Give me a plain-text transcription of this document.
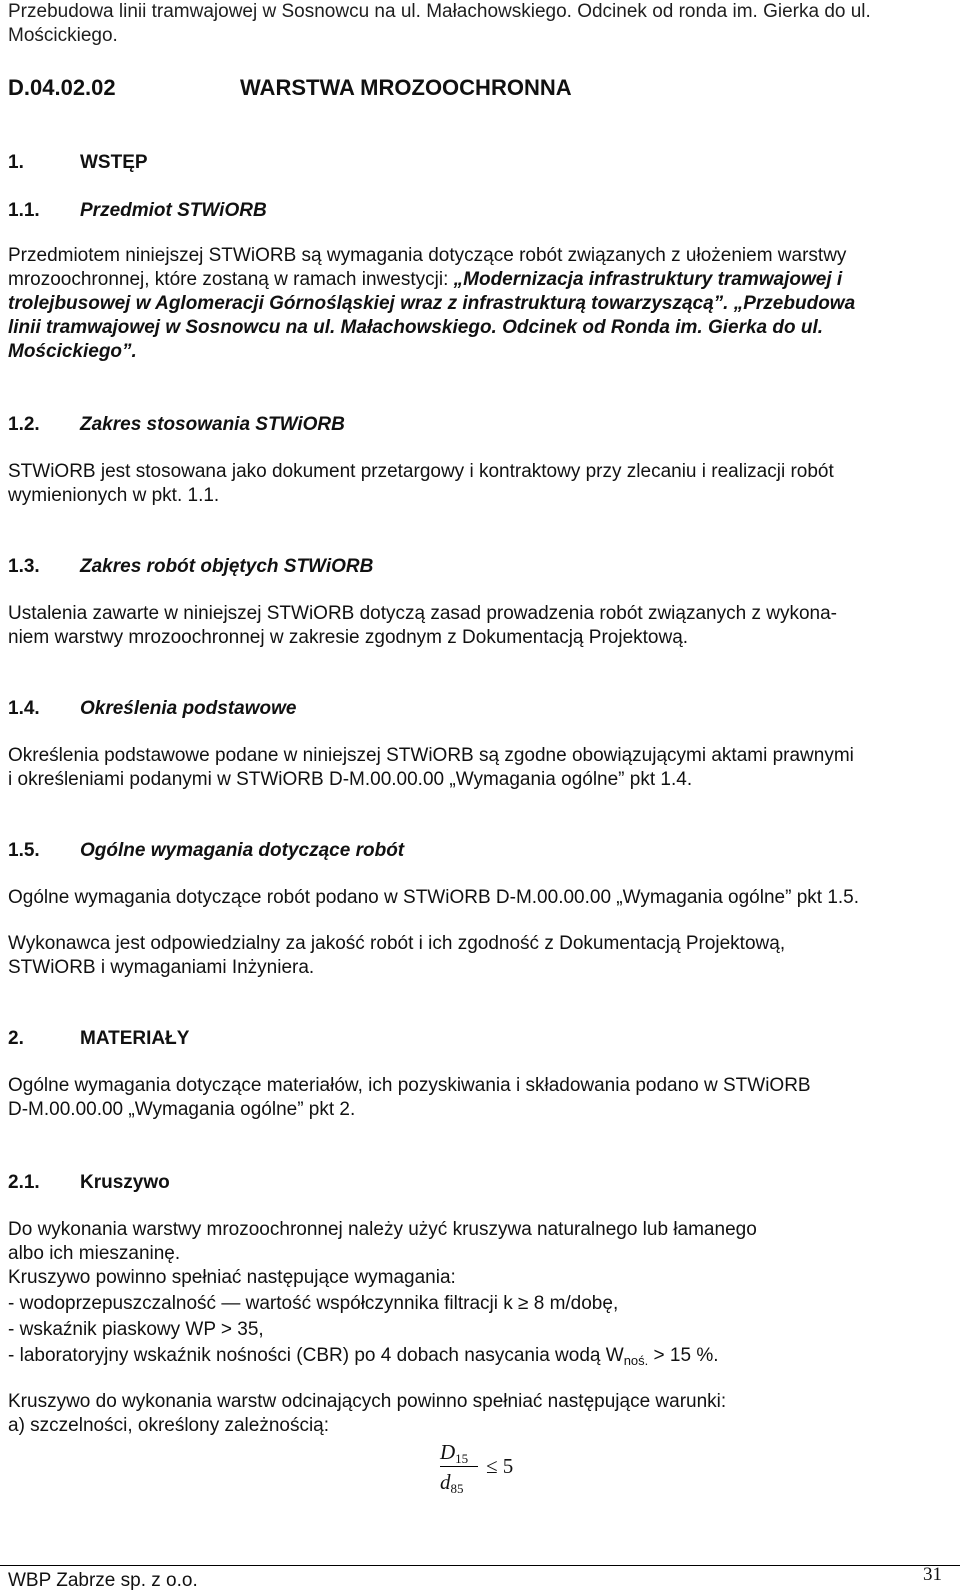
Przebudowa linii tramwajowej w Sosnowcu na ul. Małachowskiego. Odcinek od ronda im. Gierka do ul.
Mościckiego.
D.04.02.02	WARSTWA MROZOOCHRONNA
1.	WSTĘP
1.1. Przedmiot STWiORB
Przedmiotem niniejszej STWiORB są wymagania dotyczące robót związanych z ułożeniem warstwy
mrozoochronnej, które zostaną w ramach inwestycji: „Modernizacja infrastruktury tramwajowej i
trolejbusowej w Aglomeracji Górnośląskiej wraz z infrastrukturą towarzyszącą”. „Przebudowa
linii tramwajowej w Sosnowcu na ul. Małachowskiego. Odcinek od Ronda im. Gierka do ul.
Mościckiego”.
1.2. Zakres stosowania STWiORB
STWiORB jest stosowana jako dokument przetargowy i kontraktowy przy zlecaniu i realizacji robót
wymienionych w pkt. 1.1.
1.3. Zakres robót objętych STWiORB
Ustalenia zawarte w niniejszej STWiORB dotyczą zasad prowadzenia robót związanych z wykona-
niem warstwy mrozoochronnej w zakresie zgodnym z Dokumentacją Projektową.
1.4. Określenia podstawowe
Określenia podstawowe podane w niniejszej STWiORB są zgodne obowiązującymi aktami prawnymi
i określeniami podanymi w STWiORB D-M.00.00.00 „Wymagania ogólne” pkt 1.4.
1.5. Ogólne wymagania dotyczące robót
Ogólne wymagania dotyczące robót podano w STWiORB D-M.00.00.00 „Wymagania ogólne” pkt 1.5.
Wykonawca jest odpowiedzialny za jakość robót i ich zgodność z Dokumentacją Projektową,
STWiORB i wymaganiami Inżyniera.
2.	MATERIAŁY
Ogólne wymagania dotyczące materiałów, ich pozyskiwania i składowania podano w STWiORB
D-M.00.00.00 „Wymagania ogólne” pkt 2.
2.1. Kruszywo
Do wykonania warstwy mrozoochronnej należy użyć kruszywa naturalnego lub łamanego
albo ich mieszaninę.
Kruszywo powinno spełniać następujące wymagania:
- wodoprzepuszczalność — wartość współczynnika filtracji k ≥ 8 m/dobę,
- wskaźnik piaskowy WP > 35,
- laboratoryjny wskaźnik nośności (CBR) po 4 dobach nasycania wodą $W_{noś.} > 15$ %.
Kruszywo do wykonania warstw odcinających powinno spełniać następujące warunki:
a) szczelności, określony zależnością:
D15
d85
≤ 5
WBP Zabrze sp. z o.o.	31
